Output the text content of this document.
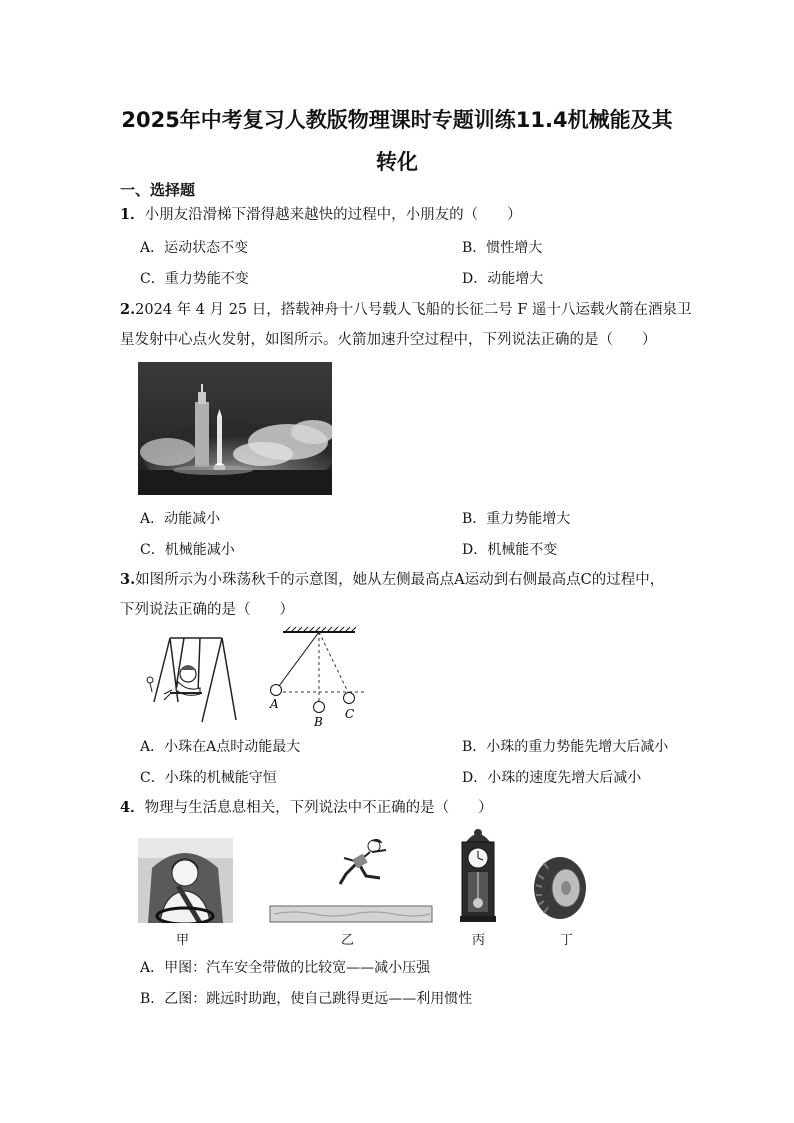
2025年中考复习人教版物理课时专题训练11.4机械能及其
转化
一、选择题
1．小朋友沿滑梯下滑得越来越快的过程中，小朋友的（　　）
A．运动状态不变	B．惯性增大
C．重力势能不变	D．动能增大
2.2024 年 4 月 25 日，搭载神舟十八号载人飞船的长征二号 F 遥十八运载火箭在酒泉卫
星发射中心点火发射，如图所示。火箭加速升空过程中，下列说法正确的是（　　）
A．动能减小	B．重力势能增大
C．机械能减小	D．机械能不变
3.如图所示为小珠荡秋千的示意图，她从左侧最高点A运动到右侧最高点C的过程中，
下列说法正确的是（　　）
A
B
C
A．小珠在A点时动能最大	B．小珠的重力势能先增大后减小
C．小珠的机械能守恒	D．小珠的速度先增大后减小
4．物理与生活息息相关，下列说法中不正确的是（　　）
甲	乙	丙	丁
A．甲图：汽车安全带做的比较宽——减小压强
B．乙图：跳远时助跑，使自己跳得更远——利用惯性
